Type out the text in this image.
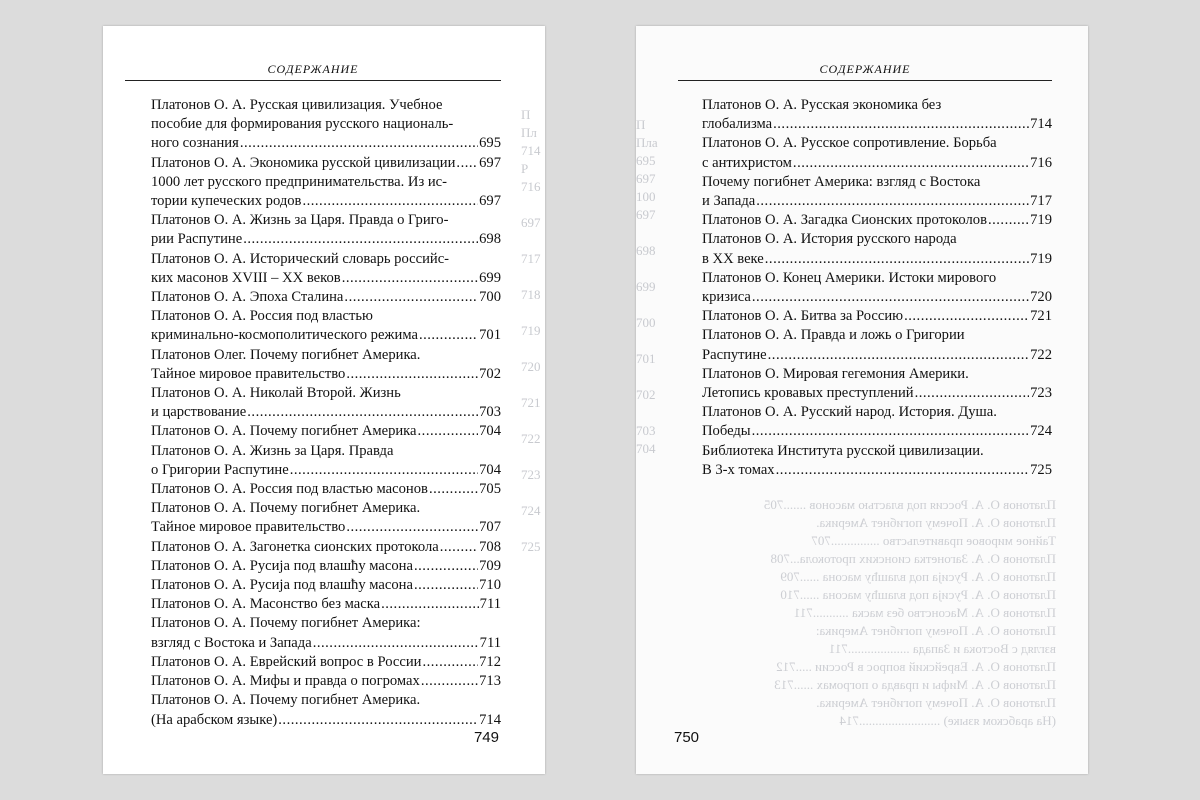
П
Пл
714
Р
716

697

717

718

719

720

721

722

723

724

725
СОДЕРЖАНИЕ
Платонов О. А. Русская цивилизация. Учебное
пособие для формирования русского националь-
ного сознания .....	695
Платонов О. А. Экономика русской цивилизации ..... 697
1000 лет русского предпринимательства. Из ис-
тории купеческих родов .....	697
Платонов О. А. Жизнь за Царя. Правда о Григо-
рии Распутине .....	698
Платонов О. А. Исторический словарь российс-
ких масонов XVIII – XX веков .....	699
Платонов О. А. Эпоха Сталина .....	700
Платонов О. А. Россия под властью
криминально-космополитического режима .....	701
Платонов Олег. Почему погибнет Америка.
Тайное мировое правительство .....	702
Платонов О. А. Николай Второй. Жизнь
и царствование .....	703
Платонов О. А. Почему погибнет Америка .....	704
Платонов О. А. Жизнь за Царя. Правда
о Григории Распутине .....	704
Платонов О. А. Россия под властью масонов .....	705
Платонов О. А. Почему погибнет Америка.
Тайное мировое правительство .....	707
Платонов О. А. Загонетка сионских протокола .....	708
Платонов О. А. Русија под влашћу масона .....	709
Платонов О. А. Русија под влашћу масона .....	710
Платонов О. А. Масонство без маска .....	711
Платонов О. А. Почему погибнет Америка:
взгляд с Востока и Запада .....	711
Платонов О. А. Еврейский вопрос в России .....	712
Платонов О. А. Мифы и правда о погромах .....	713
Платонов О. А. Почему погибнет Америка.
(На арабском языке) .....	714
749
П
Пла
695
697
100
697

698

699

700

701

702

703
704
Платонов О. А. Россия под властью масонов .......705
Платонов О. А. Почему погибнет Америка.
Тайное мировое правительство ...............707
Платонов О. А. Загонетка сионских протокола...708
Платонов О. А. Русија под влашћу масона ......709
Платонов О. А. Русија под влашћу масона ......710
Платонов О. А. Масонство без маска ...........711
Платонов О. А. Почему погибнет Америка:
взгляд с Востока и Запада ...................711
Платонов О. А. Еврейский вопрос в России .....712
Платонов О. А. Мифы и правда о погромах ......713
Платонов О. А. Почему погибнет Америка.
(На арабском языке) .........................714
СОДЕРЖАНИЕ
Платонов О. А. Русская экономика без
глобализма .....	714
Платонов О. А. Русское сопротивление. Борьба
с антихристом .....	716
Почему погибнет Америка: взгляд с Востока
и Запада .....	717
Платонов О. А. Загадка Сионских протоколов .....	719
Платонов О. А. История русского народа
в XX веке .....	719
Платонов О. Конец Америки. Истоки мирового
кризиса .....	720
Платонов О. А. Битва за Россию .....	721
Платонов О. А. Правда и ложь о Григории
Распутине .....	722
Платонов О. Мировая гегемония Америки.
Летопись кровавых преступлений .....	723
Платонов О. А. Русский народ. История. Душа.
Победы .....	724
Библиотека Института русской цивилизации.
В 3-х томах .....	725
750
